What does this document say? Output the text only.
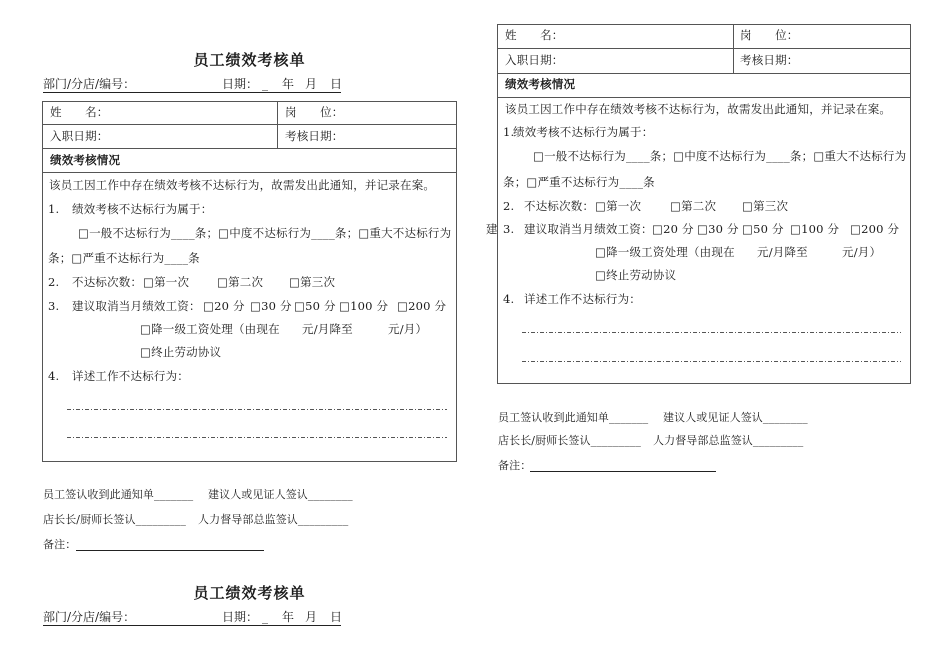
员工绩效考核单
部门/分店/编号：	日期： _ 年 月 日
姓　　名：	岗　　位：
入职日期：	考核日期：
绩效考核情况
该员工因工作中存在绩效考核不达标行为，故需发出此通知，并记录在案。
1. 绩效考核不达标行为属于：
□一般不达标行为____条；□中度不达标行为____条；□重大不达标行为
条；□严重不达标行为____条
2. 不达标次数： □第一次 □第二次 □第三次
3. 建议取消当月绩效工资： □20 分 □30 分 □50 分 □100 分 □200 分
□降一级工资处理（由现在 元/月降至	元/月）
□终止劳动协议
4. 详述工作不达标行为：
员工签认收到此通知单_______ 建议人或见证人签认________
店长长/厨师长签认_________ 人力督导部总监签认_________
备注：
姓　　名：	岗　　位：
入职日期：	考核日期：
绩效考核情况
该员工因工作中存在绩效考核不达标行为，故需发出此通知，并记录在案。
1.
绩效考核不达标行为属于：
□一般不达标行为____条；□中度不达标行为____条；□重大不达标行为
条；□严重不达标行为____条
2. 不达标次数： □第一次	□第二次 □第三次
建 3. 建议取消当月绩效工资： □20 分 □30 分 □50 分 □100 分 □200 分
□降一级工资处理（由现在 元/月降至	元/月）
□终止劳动协议
4. 详述工作不达标行为：
员工签认收到此通知单_______ 建议人或见证人签认________
店长长/厨师长签认_________ 人力督导部总监签认_________
备注：
员工绩效考核单
部门/分店/编号：	日期： _ 年 月 日
